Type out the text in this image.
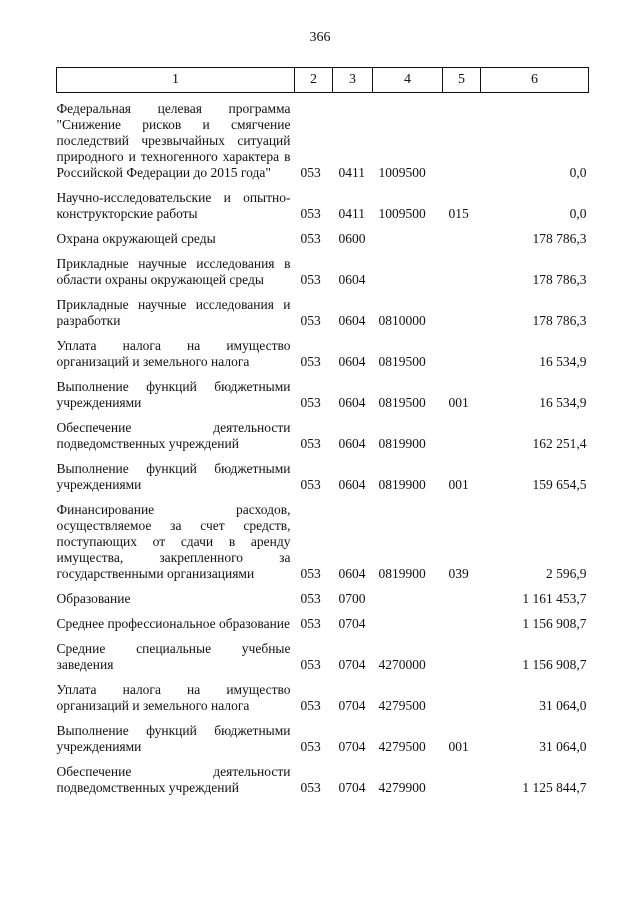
366
1	2	3	4	5	6
Федеральная целевая программа "Снижение рисков и смягчение последствий чрезвычайных ситуаций природного и техногенного характера в Российской Федерации до 2015 года"	053	0411	1009500		0,0
Научно-исследовательские и опытно-конструкторские работы	053	0411	1009500	015	0,0
Охрана окружающей среды	053	0600			178 786,3
Прикладные научные исследования в области охраны окружающей среды	053	0604			178 786,3
Прикладные научные исследования и разработки	053	0604	0810000		178 786,3
Уплата налога на имущество организаций и земельного налога	053	0604	0819500		16 534,9
Выполнение функций бюджетными учреждениями	053	0604	0819500	001	16 534,9
Обеспечение деятельности подведомственных учреждений	053	0604	0819900		162 251,4
Выполнение функций бюджетными учреждениями	053	0604	0819900	001	159 654,5
Финансирование расходов, осуществляемое за счет средств, поступающих от сдачи в аренду имущества, закрепленного за государственными организациями	053	0604	0819900	039	2 596,9
Образование	053	0700			1 161 453,7
Среднее профессиональное образование	053	0704			1 156 908,7
Средние специальные учебные заведения	053	0704	4270000		1 156 908,7
Уплата налога на имущество организаций и земельного налога	053	0704	4279500		31 064,0
Выполнение функций бюджетными учреждениями	053	0704	4279500	001	31 064,0
Обеспечение деятельности подведомственных учреждений	053	0704	4279900		1 125 844,7
